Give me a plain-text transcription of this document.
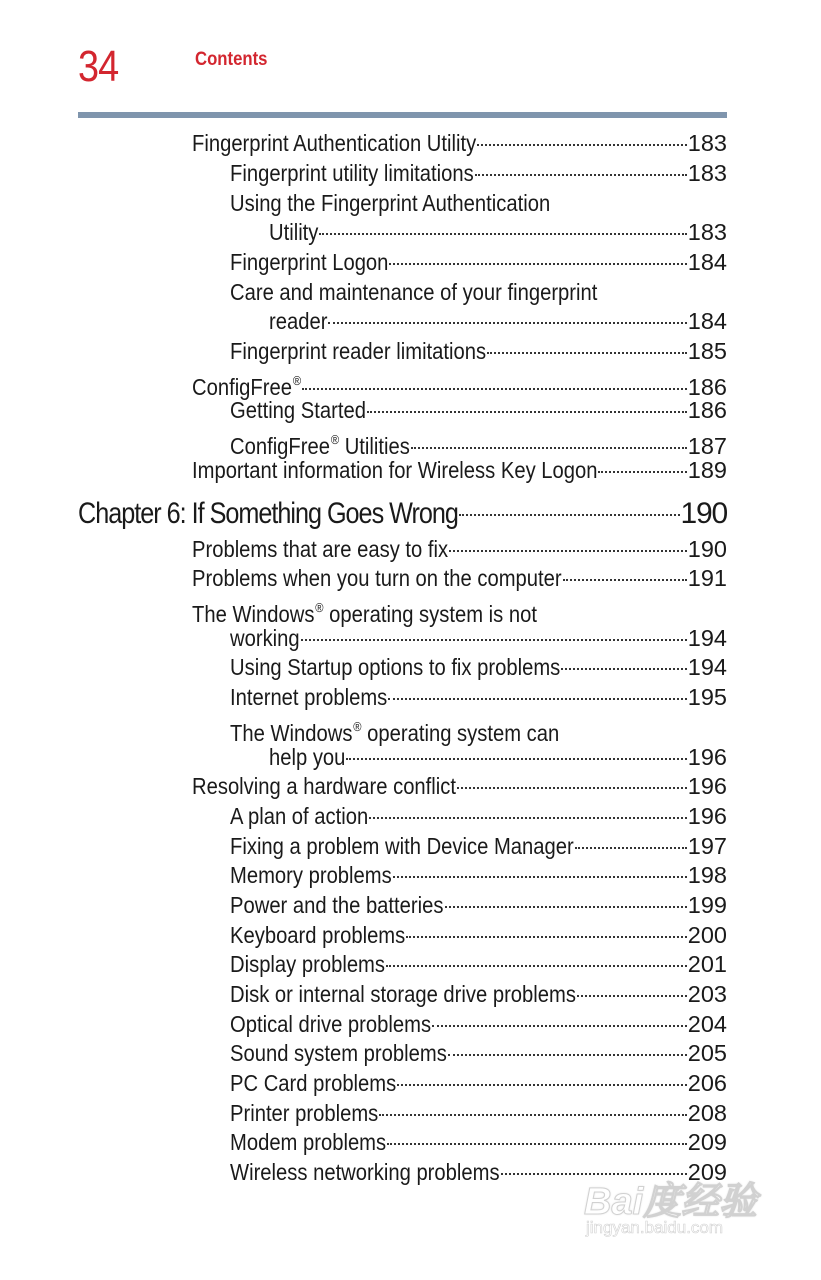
34	Contents
Fingerprint Authentication Utility	183
Fingerprint utility limitations	183
Using the Fingerprint Authentication
Utility	183
Fingerprint Logon	184
Care and maintenance of your fingerprint
reader	184
Fingerprint reader limitations	185
ConfigFree®	186
Getting Started	186
ConfigFree® Utilities	187
Important information for Wireless Key Logon	189
Chapter 6: If Something Goes Wrong	190
Problems that are easy to fix	190
Problems when you turn on the computer	191
The Windows® operating system is not
working	194
Using Startup options to fix problems	194
Internet problems	195
The Windows® operating system can
help you	196
Resolving a hardware conflict	196
A plan of action	196
Fixing a problem with Device Manager	197
Memory problems	198
Power and the batteries	199
Keyboard problems	200
Display problems	201
Disk or internal storage drive problems	203
Optical drive problems	204
Sound system problems	205
PC Card problems	206
Printer problems	208
Modem problems	209
Wireless networking problems	209
Bai度经验
jingyan.baidu.com
